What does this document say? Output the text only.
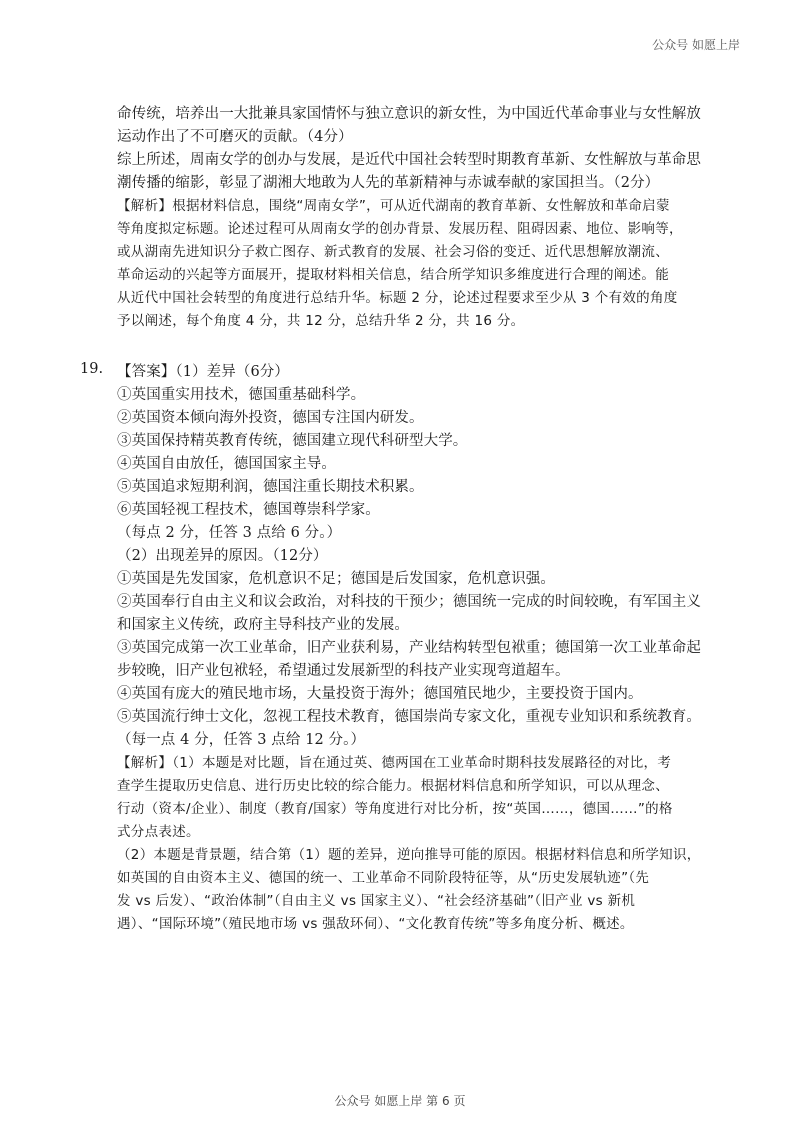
公众号 如愿上岸
命传统，培养出一大批兼具家国情怀与独立意识的新女性，为中国近代革命事业与女性解放
运动作出了不可磨灭的贡献。（4分）
综上所述，周南女学的创办与发展，是近代中国社会转型时期教育革新、女性解放与革命思
潮传播的缩影，彰显了湖湘大地敢为人先的革新精神与赤诚奉献的家国担当。（2分）
【解析】根据材料信息，围绕“周南女学”，可从近代湖南的教育革新、女性解放和革命启蒙
等角度拟定标题。论述过程可从周南女学的创办背景、发展历程、阻碍因素、地位、影响等，
或从湖南先进知识分子救亡图存、新式教育的发展、社会习俗的变迁、近代思想解放潮流、
革命运动的兴起等方面展开，提取材料相关信息，结合所学知识多维度进行合理的阐述。能
从近代中国社会转型的角度进行总结升华。标题 2 分，论述过程要求至少从 3 个有效的角度
予以阐述，每个角度 4 分，共 12 分，总结升华 2 分，共 16 分。
19. 【答案】（1）差异（6分）
①英国重实用技术，德国重基础科学。
②英国资本倾向海外投资，德国专注国内研发。
③英国保持精英教育传统，德国建立现代科研型大学。
④英国自由放任，德国国家主导。
⑤英国追求短期利润，德国注重长期技术积累。
⑥英国轻视工程技术，德国尊崇科学家。
（每点 2 分，任答 3 点给 6 分。）
（2）出现差异的原因。（12分）
①英国是先发国家，危机意识不足；德国是后发国家，危机意识强。
②英国奉行自由主义和议会政治，对科技的干预少；德国统一完成的时间较晚，有军国主义
和国家主义传统，政府主导科技产业的发展。
③英国完成第一次工业革命，旧产业获利易，产业结构转型包袱重；德国第一次工业革命起
步较晚，旧产业包袱轻，希望通过发展新型的科技产业实现弯道超车。
④英国有庞大的殖民地市场，大量投资于海外；德国殖民地少，主要投资于国内。
⑤英国流行绅士文化，忽视工程技术教育，德国崇尚专家文化，重视专业知识和系统教育。
（每一点 4 分，任答 3 点给 12 分。）
【解析】（1）本题是对比题，旨在通过英、德两国在工业革命时期科技发展路径的对比，考
查学生提取历史信息、进行历史比较的综合能力。根据材料信息和所学知识，可以从理念、
行动（资本/企业）、制度（教育/国家）等角度进行对比分析，按“英国……，德国……”的格
式分点表述。
（2）本题是背景题，结合第（1）题的差异，逆向推导可能的原因。根据材料信息和所学知识，
如英国的自由资本主义、德国的统一、工业革命不同阶段特征等，从“历史发展轨迹”（先
发 vs 后发）、“政治体制”（自由主义 vs 国家主义）、“社会经济基础”（旧产业 vs 新机
遇）、“国际环境”（殖民地市场 vs 强敌环伺）、“文化教育传统”等多角度分析、概述。
公众号 如愿上岸 第 6 页
